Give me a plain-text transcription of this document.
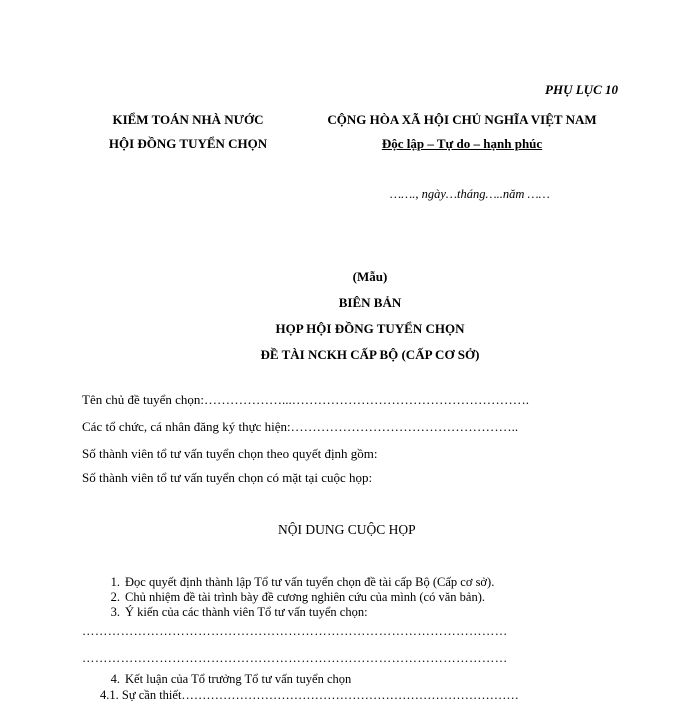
PHỤ LỤC 10
KIỂM TOÁN NHÀ NƯỚC
HỘI ĐỒNG TUYỂN CHỌN
CỘNG HÒA XÃ HỘI CHỦ NGHĨA VIỆT NAM
Độc lập – Tự do – hạnh phúc
……., ngày…tháng…..năm ……
(Mẫu)
BIÊN BẢN
HỌP HỘI ĐỒNG TUYỂN CHỌN
ĐỀ TÀI NCKH CẤP BỘ (CẤP CƠ SỞ)
Tên chủ đề tuyển chọn:………………...……………………………………………….
Các tổ chức, cá nhân đăng ký thực hiện:……………………………………………..
Số thành viên tổ tư vấn tuyển chọn theo quyết định gồm:
Số thành viên tổ tư vấn tuyển chọn có mặt tại cuộc họp:
NỘI DUNG CUỘC HỌP
1. Đọc quyết định thành lập Tổ tư vấn tuyển chọn đề tài cấp Bộ (Cấp cơ sở).
2. Chủ nhiệm đề tài trình bày đề cương nghiên cứu của mình (có văn bản).
3. Ý kiến của các thành viên Tổ tư vấn tuyển chọn:
………………………………………………………………………………………
………………………………………………………………………………………
4. Kết luận của Tổ trưởng Tổ tư vấn tuyển chọn
4.1. Sự cần thiết………………………………………………………………………
